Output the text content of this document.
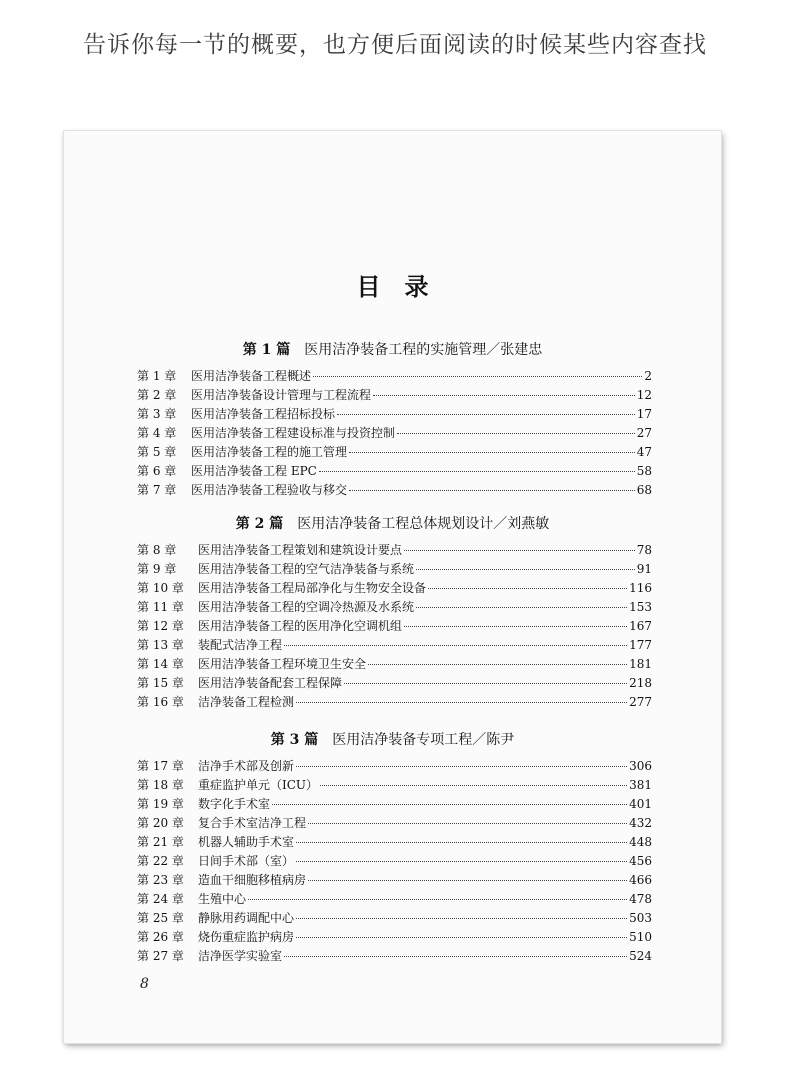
告诉你每一节的概要，也方便后面阅读的时候某些内容查找
目　录
第 1 篇 医用洁净装备工程的实施管理／张建忠
第 1 章	医用洁净装备工程概述	2
第 2 章	医用洁净装备设计管理与工程流程	12
第 3 章	医用洁净装备工程招标投标	17
第 4 章	医用洁净装备工程建设标准与投资控制	27
第 5 章	医用洁净装备工程的施工管理	47
第 6 章	医用洁净装备工程 EPC	58
第 7 章	医用洁净装备工程验收与移交	68
第 2 篇 医用洁净装备工程总体规划设计／刘燕敏
第 8 章	医用洁净装备工程策划和建筑设计要点	78
第 9 章	医用洁净装备工程的空气洁净装备与系统	91
第 10 章	医用洁净装备工程局部净化与生物安全设备	116
第 11 章	医用洁净装备工程的空调冷热源及水系统	153
第 12 章	医用洁净装备工程的医用净化空调机组	167
第 13 章	装配式洁净工程	177
第 14 章	医用洁净装备工程环境卫生安全	181
第 15 章	医用洁净装备配套工程保障	218
第 16 章	洁净装备工程检测	277
第 3 篇 医用洁净装备专项工程／陈尹
第 17 章	洁净手术部及创新	306
第 18 章	重症监护单元（ICU）	381
第 19 章	数字化手术室	401
第 20 章	复合手术室洁净工程	432
第 21 章	机器人辅助手术室	448
第 22 章	日间手术部（室）	456
第 23 章	造血干细胞移植病房	466
第 24 章	生殖中心	478
第 25 章	静脉用药调配中心	503
第 26 章	烧伤重症监护病房	510
第 27 章	洁净医学实验室	524
8
